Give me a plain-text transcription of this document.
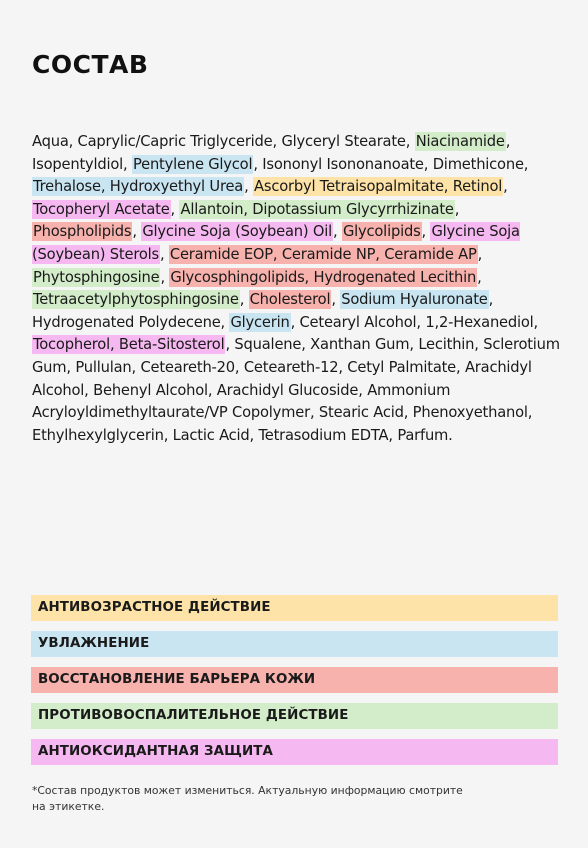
СОСТАВ
Aqua, Caprylic/Capric Triglyceride, Glyceryl Stearate, Niacinamide, Isopentyldiol, Pentylene Glycol, Isononyl Isononanoate, Dimethicone, Trehalose, Hydroxyethyl Urea, Ascorbyl Tetraisopalmitate, Retinol, Tocopheryl Acetate, Allantoin, Dipotassium Glycyrrhizinate, Phospholipids, Glycine Soja (Soybean) Oil, Glycolipids, Glycine Soja (Soybean) Sterols, Ceramide EOP, Ceramide NP, Ceramide AP, Phytosphingosine, Glycosphingolipids, Hydrogenated Lecithin, Tetraacetylphytosphingosine, Cholesterol, Sodium Hyaluronate, Hydrogenated Polydecene, Glycerin, Cetearyl Alcohol, 1,2-Hexanediol, Tocopherol, Beta-Sitosterol, Squalene, Xanthan Gum, Lecithin, Sclerotium Gum, Pullulan, Ceteareth-20, Ceteareth-12, Cetyl Palmitate, Arachidyl Alcohol, Behenyl Alcohol, Arachidyl Glucoside, Ammonium Acryloyldimethyltaurate/VP Copolymer, Stearic Acid, Phenoxyethanol, Ethylhexylglycerin, Lactic Acid, Tetrasodium EDTA, Parfum.
АНТИВОЗРАСТНОЕ ДЕЙСТВИЕ
УВЛАЖНЕНИЕ
ВОССТАНОВЛЕНИЕ БАРЬЕРА КОЖИ
ПРОТИВОВОСПАЛИТЕЛЬНОЕ ДЕЙСТВИЕ
АНТИОКСИДАНТНАЯ ЗАЩИТА
*Состав продуктов может измениться. Актуальную информацию смотрите на этикетке.
